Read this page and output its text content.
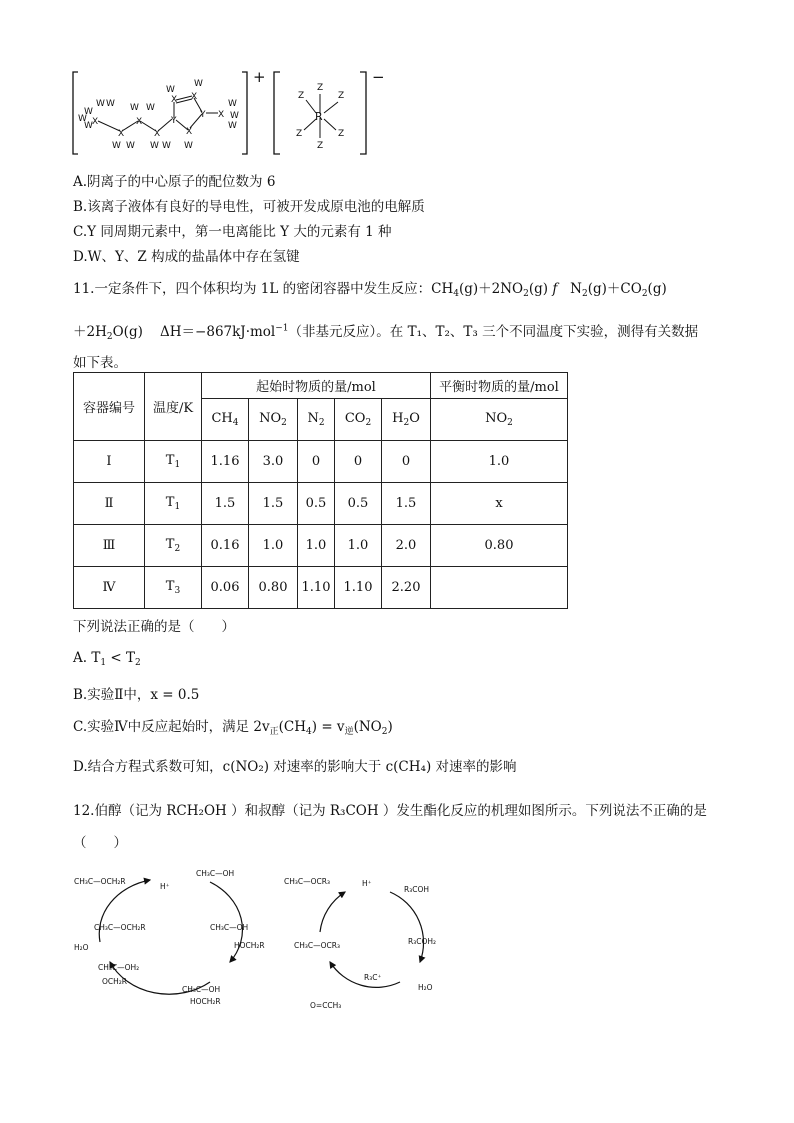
X
X
X
X
Y
X X
Y
X
X
W
W
W
W W
W W
W W
W W
W
W
W
W
W
W
+
R
Z
Z
Z	Z
Z	Z
−
A.阴离子的中心原子的配位数为 6
B.该离子液体有良好的导电性，可被开发成原电池的电解质
C.Y 同周期元素中，第一电离能比 Y 大的元素有 1 种
D.W、Y、Z 构成的盐晶体中存在氢键
11.一定条件下，四个体积均为 1L 的密闭容器中发生反应：$CH_4(g)+2NO_2(g)$ f   $N_2(g)+CO_2(g)$
$+2H_2O(g)$    ΔH＝−867kJ·mol$^{-1}$（非基元反应）。在 T₁、T₂、T₃ 三个不同温度下实验，测得有关数据
如下表。
容器编号	温度/K	起始时物质的量/mol					平衡时物质的量/mol
		$CH_4$	$NO_2$	$N_2$	$CO_2$	$H_2O$	$NO_2$
Ⅰ	$T_1$	1.16	3.0	0	0	0	1.0
Ⅱ	$T_1$	1.5	1.5	0.5	0.5	1.5	x
Ⅲ	$T_2$	0.16	1.0	1.0	1.0	2.0	0.80
Ⅳ	$T_3$	0.06	0.80	1.10	1.10	2.20	
下列说法正确的是（　　）
A. $T_1 < T_2$
B.实验Ⅱ中，x = 0.5
C.实验Ⅳ中反应起始时，满足 $2v_正(CH_4) = v_逆(NO_2)$
D.结合方程式系数可知，c(NO₂) 对速率的影响大于 c(CH₄) 对速率的影响
12.伯醇（记为 RCH₂OH ）和叔醇（记为 R₃COH ）发生酯化反应的机理如图所示。下列说法不正确的是
（　　）
CH₃C—OCH₂R
H⁺
CH₃C—OH
CH₃C—OCH₂R	CH₃C—OH
HOCH₂R
H₂O
CH₃C—OH₂
OCH₂R
CH₃C—OH
HOCH₂R
CH₃C—OCR₃	H⁺
R₃COH
R₃COH₂
CH₃C—OCR₃
R₃C⁺
H₂O
O=CCH₃
